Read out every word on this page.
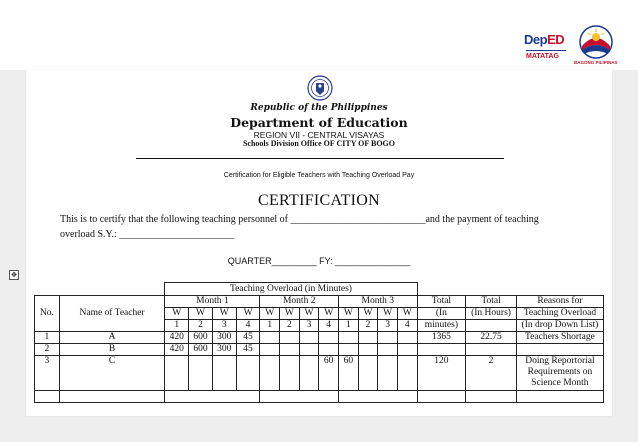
DepED
MATATAG
BAGONG PILIPINAS
Republic of the Philippines
Department of Education
REGION VII - CENTRAL VISAYAS
Schools Division Office OF CITY OF BOGO
Certification for Eligible Teachers with Teaching Overload Pay
CERTIFICATION
This is to certify that the following teaching personnel of ___________________________and the payment of teaching
overload S.Y.: _______________________
QUARTER_________ FY: _______________
		Teaching Overload (in Minutes)														
No.	Name of Teacher	Month 1				Month 2				Month 3				Total	Total	Reasons for
		W	W	W	W	W	W	W	W	W	W	W	W	(In	(In Hours)	Teaching Overload
		1	2	3	4	1	2	3	4	1	2	3	4	minutes)		(In drop Down List)
1	A	420	600	300	45									1365	22.75	Teachers Shortage
2	B	420	600	300	45											
3	C								60	60				120	2	Doing Reportorial Requirements on Science Month

✥
